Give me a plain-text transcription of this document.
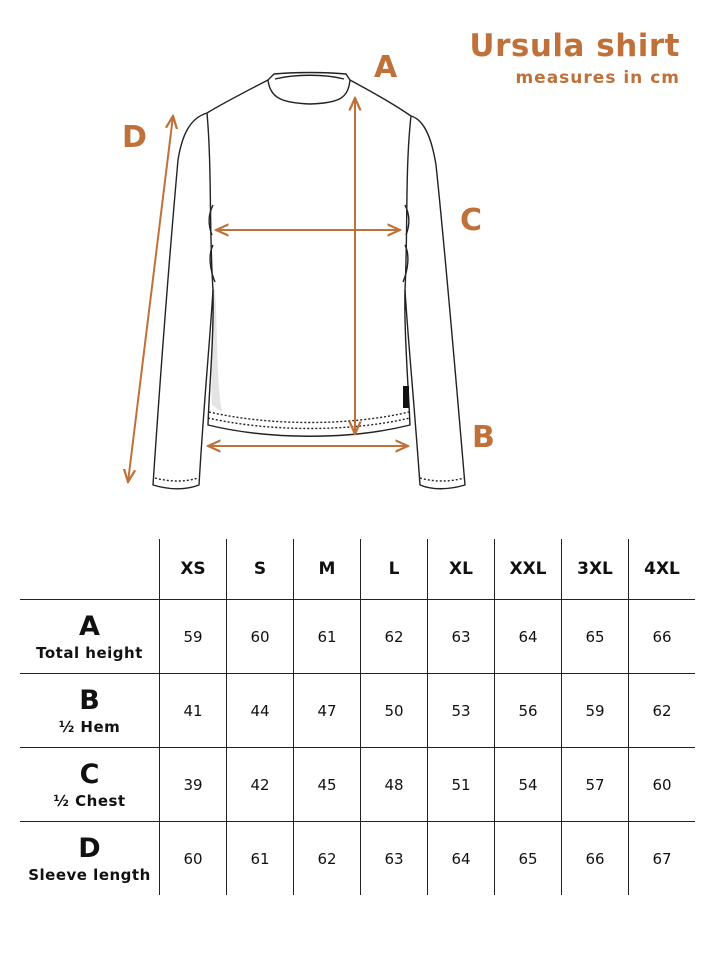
Ursula shirt
measures in cm
A
B
C
D
	XS	S	M	L	XL	XXL	3XL	4XL

A
Total height	59	60	61	62	63	64	65	66

B
½ Hem	41	44	47	50	53	56	59	62

C
½ Chest	39	42	45	48	51	54	57	60

D
Sleeve length	60	61	62	63	64	65	66	67
